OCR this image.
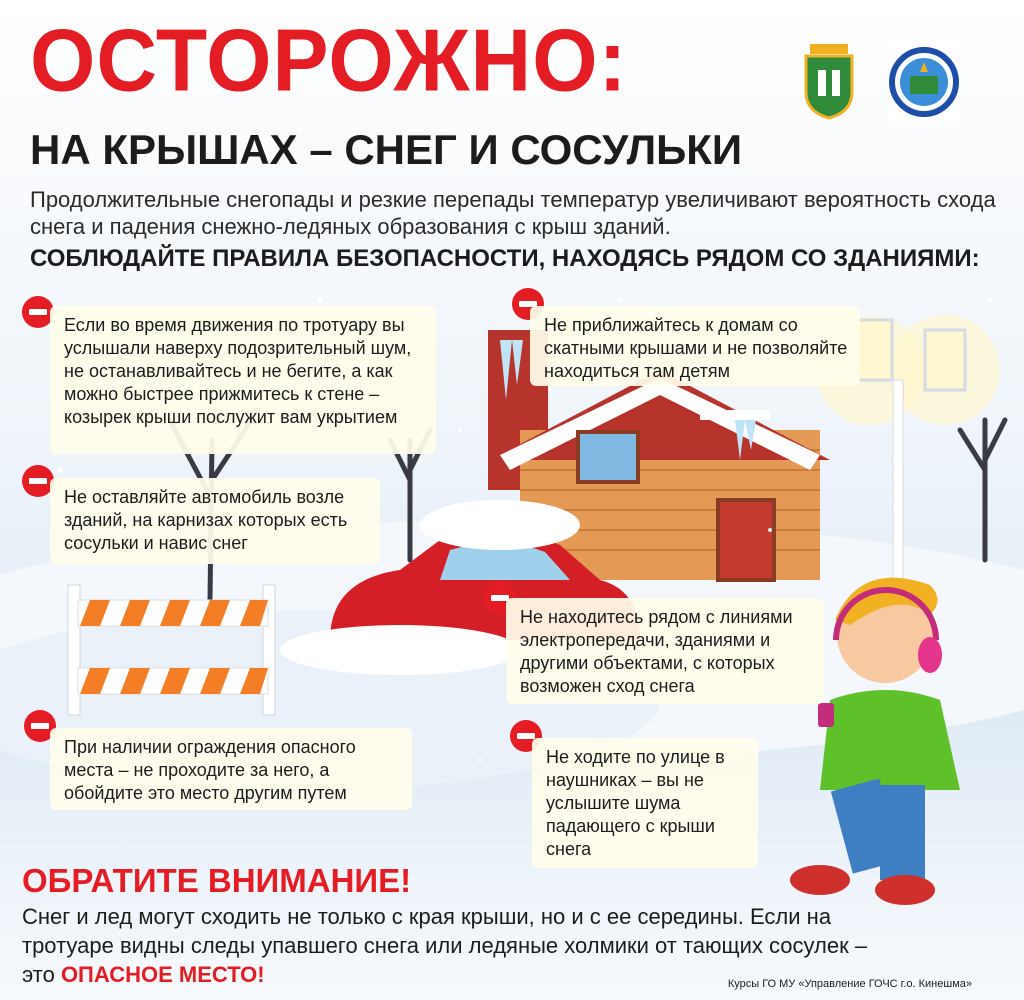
ОСТОРОЖНО:
НА КРЫШАХ – СНЕГ И СОСУЛЬКИ
Продолжительные снегопады и резкие перепады температур увеличивают вероятность схода снега и падения снежно-ледяных образования с крыш зданий.
СОБЛЮДАЙТЕ ПРАВИЛА БЕЗОПАСНОСТИ, НАХОДЯСЬ РЯДОМ СО ЗДАНИЯМИ:
Если во время движения по тротуару вы услышали наверху подозрительный шум, не останавливайтесь и не бегите, а как можно быстрее прижмитесь к стене – козырек крыши послужит вам укрытием
Не приближайтесь к домам со скатными крышами и не позволяйте находиться там детям
Не оставляйте автомобиль возле зданий, на карнизах которых есть сосульки и навис снег
Не находитесь рядом с линиями электропередачи, зданиями и другими объектами, с которых возможен сход снега
При наличии ограждения опасного места – не проходите за него, а обойдите это место другим путем
Не ходите по улице в наушниках – вы не услышите шума падающего с крыши снега
ОБРАТИТЕ ВНИМАНИЕ!
Снег и лед могут сходить не только с края крыши, но и с ее середины. Если на тротуаре видны следы упавшего снега или ледяные холмики от тающих сосулек – это ОПАСНОЕ МЕСТО!	Курсы ГО МУ «Управление ГОЧС г.о. Кинешма»
